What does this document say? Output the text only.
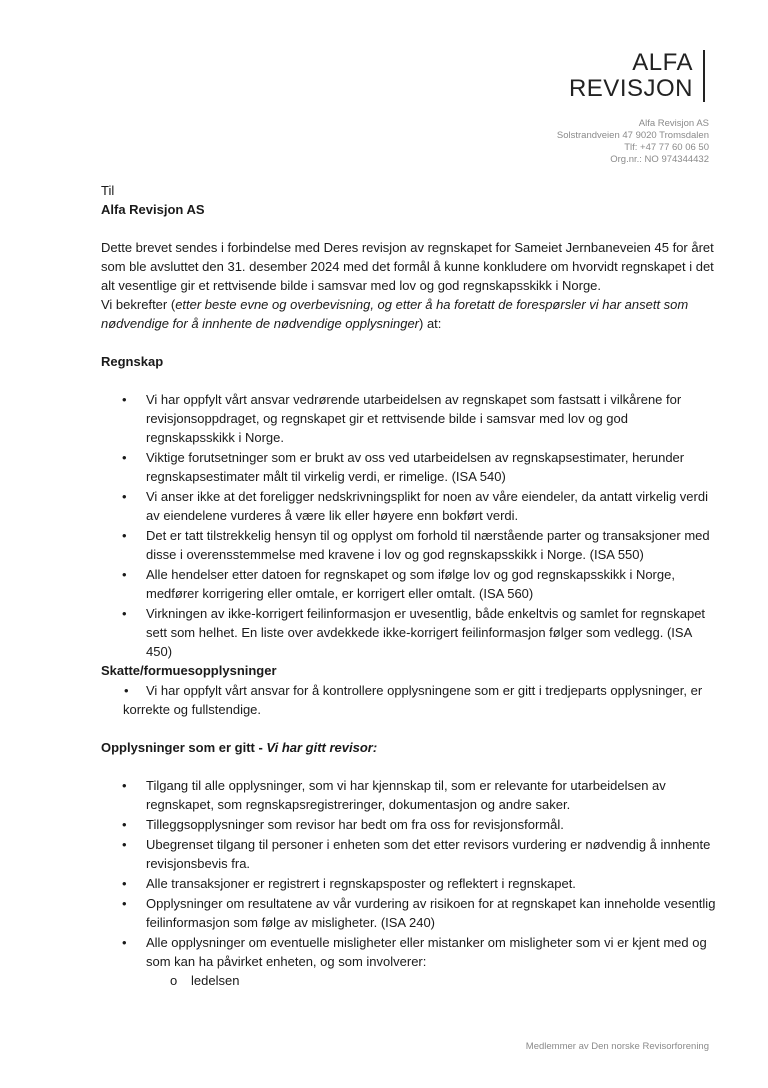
ALFA
REVISJON
Alfa Revisjon AS
Solstrandveien 47 9020 Tromsdalen
Tlf: +47 77 60 06 50
Org.nr.: NO 974344432

Til

Alfa Revisjon AS

Dette brevet sendes i forbindelse med Deres revisjon av regnskapet for Sameiet Jernbaneveien 45 for året som ble avsluttet den 31. desember 2024 med det formål å kunne konkludere om hvorvidt regnskapet i det alt vesentlige gir et rettvisende bilde i samsvar med lov og god regnskapsskikk i Norge.

Vi bekrefter (etter beste evne og overbevisning, og etter å ha foretatt de forespørsler vi har ansett som nødvendige for å innhente de nødvendige opplysninger) at:

Regnskap

• Vi har oppfylt vårt ansvar vedrørende utarbeidelsen av regnskapet som fastsatt i vilkårene for revisjonsoppdraget, og regnskapet gir et rettvisende bilde i samsvar med lov og god regnskapsskikk i Norge.
• Viktige forutsetninger som er brukt av oss ved utarbeidelsen av regnskapsestimater, herunder regnskapsestimater målt til virkelig verdi, er rimelige. (ISA 540)
• Vi anser ikke at det foreligger nedskrivningsplikt for noen av våre eiendeler, da antatt virkelig verdi av eiendelene vurderes å være lik eller høyere enn bokført verdi.
• Det er tatt tilstrekkelig hensyn til og opplyst om forhold til nærstående parter og transaksjoner med disse i overensstemmelse med kravene i lov og god regnskapsskikk i Norge. (ISA 550)
• Alle hendelser etter datoen for regnskapet og som ifølge lov og god regnskapsskikk i Norge, medfører korrigering eller omtale, er korrigert eller omtalt. (ISA 560)
• Virkningen av ikke-korrigert feilinformasjon er uvesentlig, både enkeltvis og samlet for regnskapet sett som helhet. En liste over avdekkede ikke-korrigert feilinformasjon følger som vedlegg. (ISA 450)

Skatte/formuesopplysninger

•	Vi har oppfylt vårt ansvar for å kontrollere opplysningene som er gitt i tredjeparts opplysninger, er korrekte og fullstendige.

Opplysninger som er gitt - Vi har gitt revisor:

• Tilgang til alle opplysninger, som vi har kjennskap til, som er relevante for utarbeidelsen av regnskapet, som regnskapsregistreringer, dokumentasjon og andre saker.
• Tilleggsopplysninger som revisor har bedt om fra oss for revisjonsformål.
• Ubegrenset tilgang til personer i enheten som det etter revisors vurdering er nødvendig å innhente revisjonsbevis fra.
• Alle transaksjoner er registrert i regnskapsposter og reflektert i regnskapet.
• Opplysninger om resultatene av vår vurdering av risikoen for at regnskapet kan inneholde vesentlig feilinformasjon som følge av misligheter. (ISA 240)
• Alle opplysninger om eventuelle misligheter eller mistanker om misligheter som vi er kjent med og som kan ha påvirket enheten, og som involverer:
o ledelsen
Medlemmer av Den norske Revisorforening
